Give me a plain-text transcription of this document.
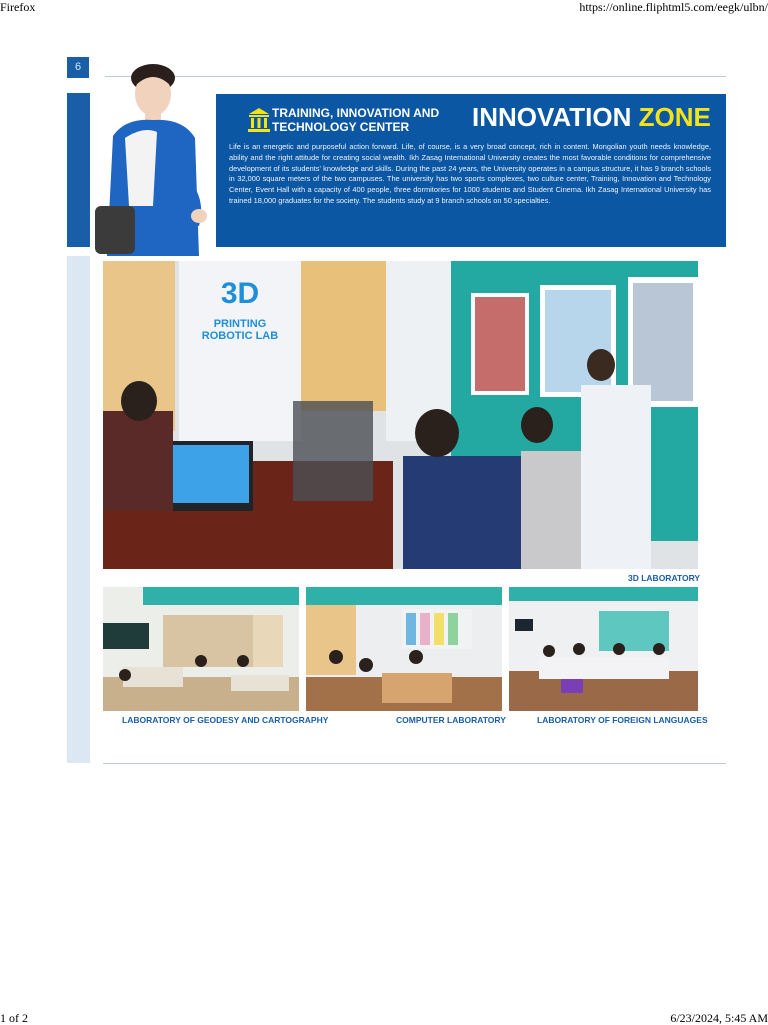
Firefox	https://online.fliphtml5.com/eegk/ulbn/
6
TRAINING, INNOVATION AND TECHNOLOGY CENTER	INNOVATION ZONE
Life is an energetic and purposeful action forward. Life, of course, is a very broad concept, rich in content. Mongolian youth needs knowledge, ability and the right attitude for creating social wealth. Ikh Zasag International University creates the most favorable conditions for comprehensive development of its students' knowledge and skills. During the past 24 years, the University operates in a campus structure, it has 9 branch schools in 32,000 square meters of the two campuses. The university has two sports complexes, two culture center, Training, Innovation and Technology Center, Event Hall with a capacity of 400 people, three dormitories for 1000 students and Student Cinema. Ikh Zasag International University has trained 18,000 graduates for the society. The students study at 9 branch schools on 50 specialties.
3D
PRINTING
ROBOTIC LAB
3D LABORATORY
LABORATORY OF GEODESY AND CARTOGRAPHY	COMPUTER LABORATORY	LABORATORY OF FOREIGN LANGUAGES
1 of 2	6/23/2024, 5:45 AM
